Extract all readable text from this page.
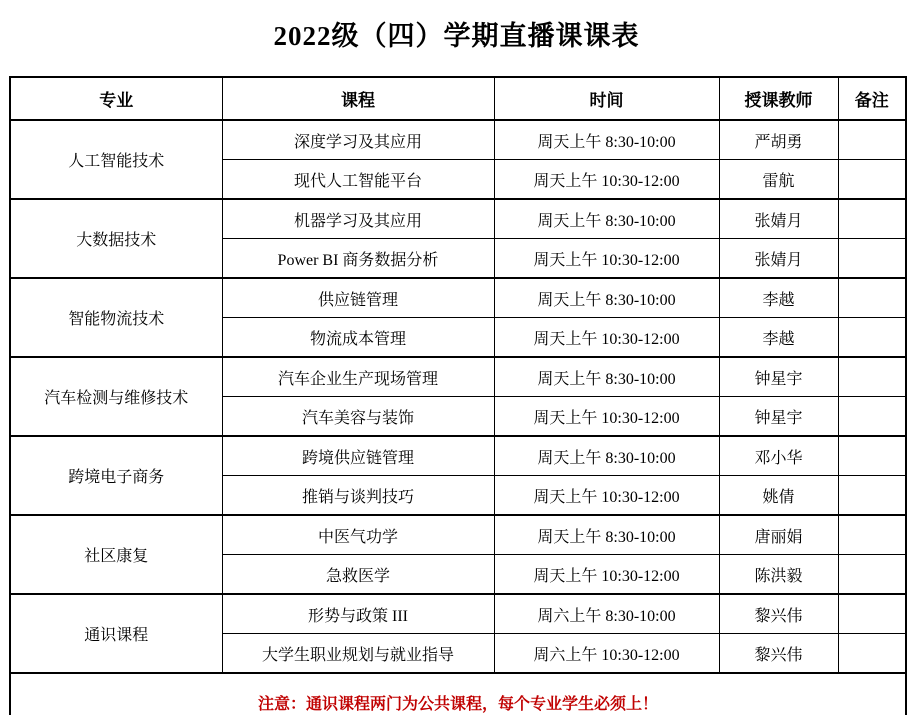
2022级（四）学期直播课课表
专业	课程	时间	授课教师	备注
人工智能技术	深度学习及其应用	周天上午 8:30-10:00	严胡勇	
	现代人工智能平台	周天上午 10:30-12:00	雷航	
大数据技术	机器学习及其应用	周天上午 8:30-10:00	张婧月	
	Power BI 商务数据分析	周天上午 10:30-12:00	张婧月	
智能物流技术	供应链管理	周天上午 8:30-10:00	李越	
	物流成本管理	周天上午 10:30-12:00	李越	
汽车检测与维修技术	汽车企业生产现场管理	周天上午 8:30-10:00	钟星宇	
	汽车美容与装饰	周天上午 10:30-12:00	钟星宇	
跨境电子商务	跨境供应链管理	周天上午 8:30-10:00	邓小华	
	推销与谈判技巧	周天上午 10:30-12:00	姚倩	
社区康复	中医气功学	周天上午 8:30-10:00	唐丽娟	
	急救医学	周天上午 10:30-12:00	陈洪毅	
通识课程	形势与政策 III	周六上午 8:30-10:00	黎兴伟	
	大学生职业规划与就业指导	周六上午 10:30-12:00	黎兴伟	
注意：通识课程两门为公共课程，每个专业学生必须上！				
